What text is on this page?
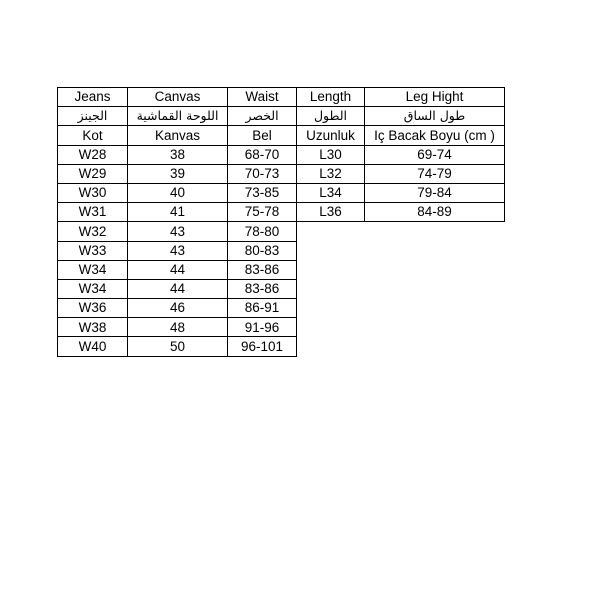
Jeans	Canvas	Waist	Length	Leg Hight
الجينز	اللوحة القماشية	الخصر	الطول	طول الساق
Kot	Kanvas	Bel	Uzunluk	Iç Bacak Boyu (cm )
W28	38	68-70	L30	69-74
W29	39	70-73	L32	74-79
W30	40	73-85	L34	79-84
W31	41	75-78	L36	84-89
W32	43	78-80		
W33	43	80-83		
W34	44	83-86		
W34	44	83-86		
W36	46	86-91		
W38	48	91-96		
W40	50	96-101		
